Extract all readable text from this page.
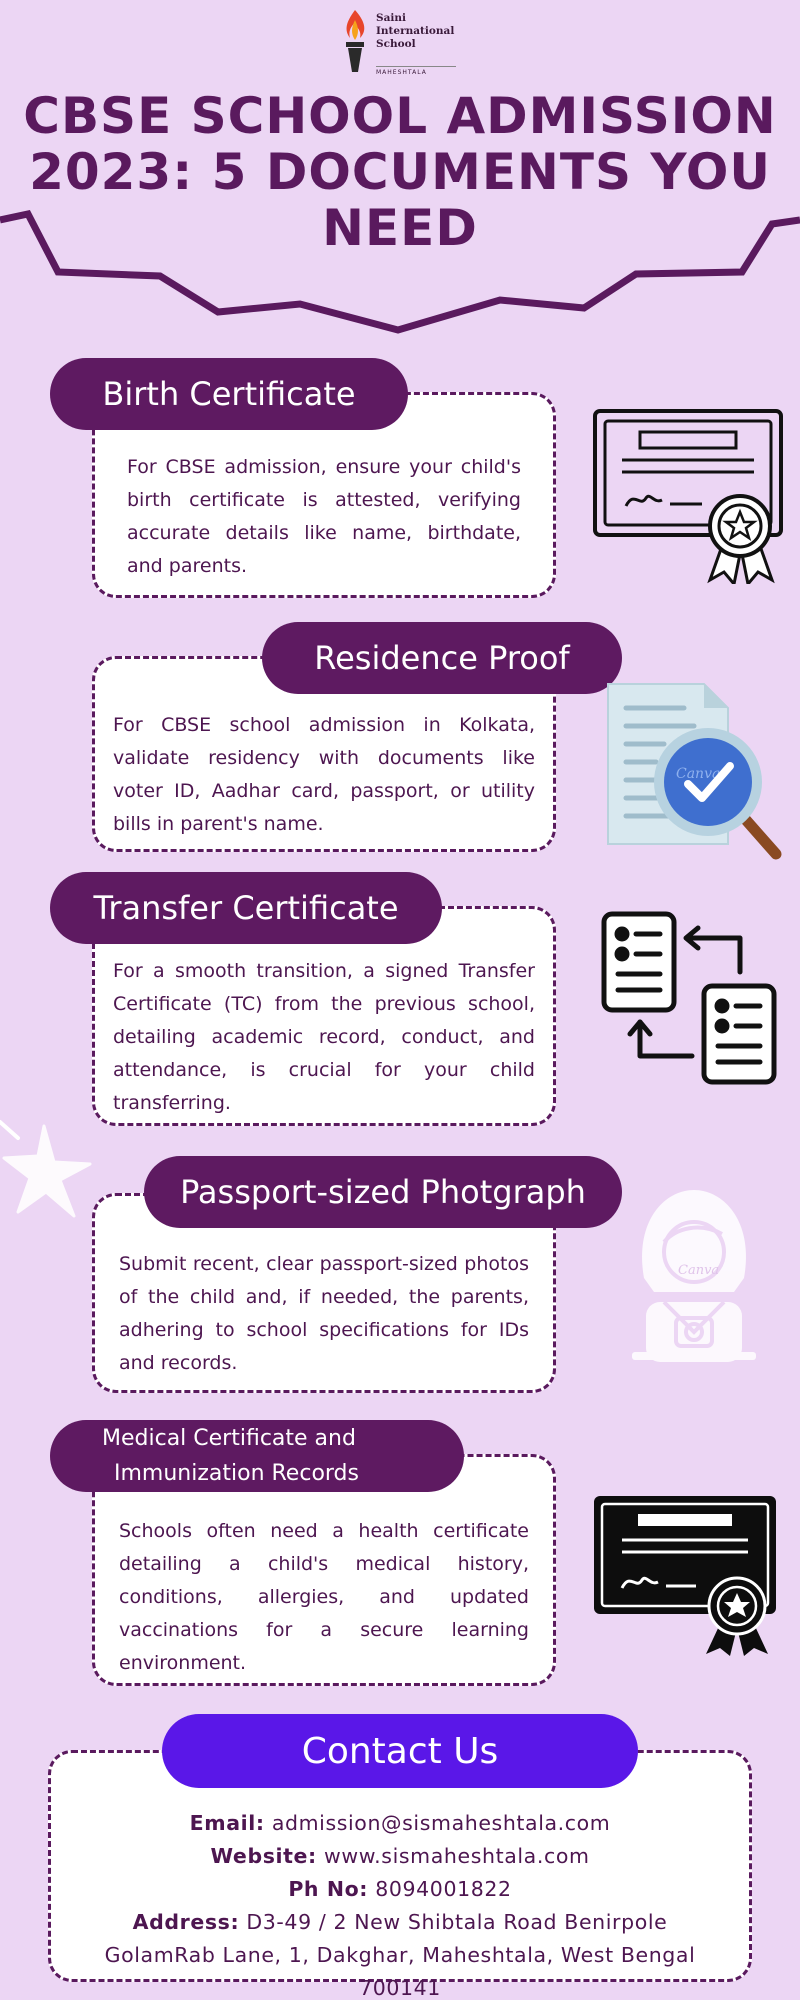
Saini
International
School
MAHESHTALA
CBSE SCHOOL ADMISSION 2023: 5 DOCUMENTS YOU NEED

For CBSE admission, ensure your child's birth certificate is attested, verifying accurate details like name, birthdate, and parents.

Birth Certificate

For CBSE school admission in Kolkata, validate residency with documents like voter ID, Aadhar card, passport, or utility bills in parent's name.

Residence Proof
Canva

For a smooth transition, a signed Transfer Certificate (TC) from the previous school, detailing academic record, conduct, and attendance, is crucial for your child transferring.

Transfer Certificate

Submit recent, clear passport-sized photos of the child and, if needed, the parents, adhering to school specifications for IDs and records.

Passport-sized Photgraph
Canva

Schools often need a health certificate detailing a child's medical history, conditions, allergies, and updated vaccinations for a secure learning environment.

Medical Certificate and
Immunization Records
Email: admission@sismaheshtala.com
Website: www.sismaheshtala.com
Ph No: 8094001822
Address: D3-49 / 2 New Shibtala Road Benirpole
GolamRab Lane, 1, Dakghar, Maheshtala, West Bengal
700141
Contact Us
